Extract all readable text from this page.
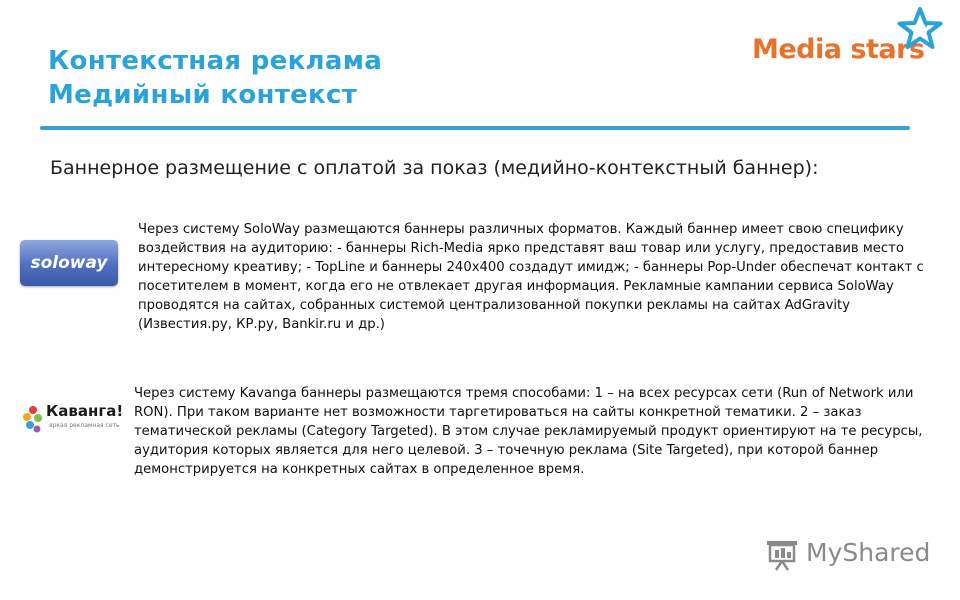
Контекстная реклама
Медийный контекст
Media stars
Баннерное размещение с оплатой за показ (медийно-контекстный баннер):
soloway
Через систему SoloWay размещаются баннеры различных форматов. Каждый баннер имеет свою специфику воздействия на аудиторию: - баннеры Rich-Media ярко представят ваш товар или услугу, предоставив место интересному креативу; - TopLine и баннеры 240x400 создадут имидж; - баннеры Pop-Under обеспечат контакт с посетителем в момент, когда его не отвлекает другая информация. Рекламные кампании сервиса SoloWay проводятся на сайтах, собранных системой централизованной покупки рекламы на сайтах AdGravity (Известия.ру, КР.ру, Bankir.ru и др.)
Каванга!
яркая рекламная сеть
Через систему Kavanga баннеры размещаются тремя способами: 1 – на всех ресурсах сети (Run of Network или RON). При таком варианте нет возможности таргетироваться на сайты конкретной тематики. 2 – заказ тематической рекламы (Category Targeted). В этом случае рекламируемый продукт ориентируют на те ресурсы, аудитория которых является для него целевой. 3 – точечную реклама (Site Targeted), при которой баннер демонстрируется на конкретных сайтах в определенное время.
MyShared
